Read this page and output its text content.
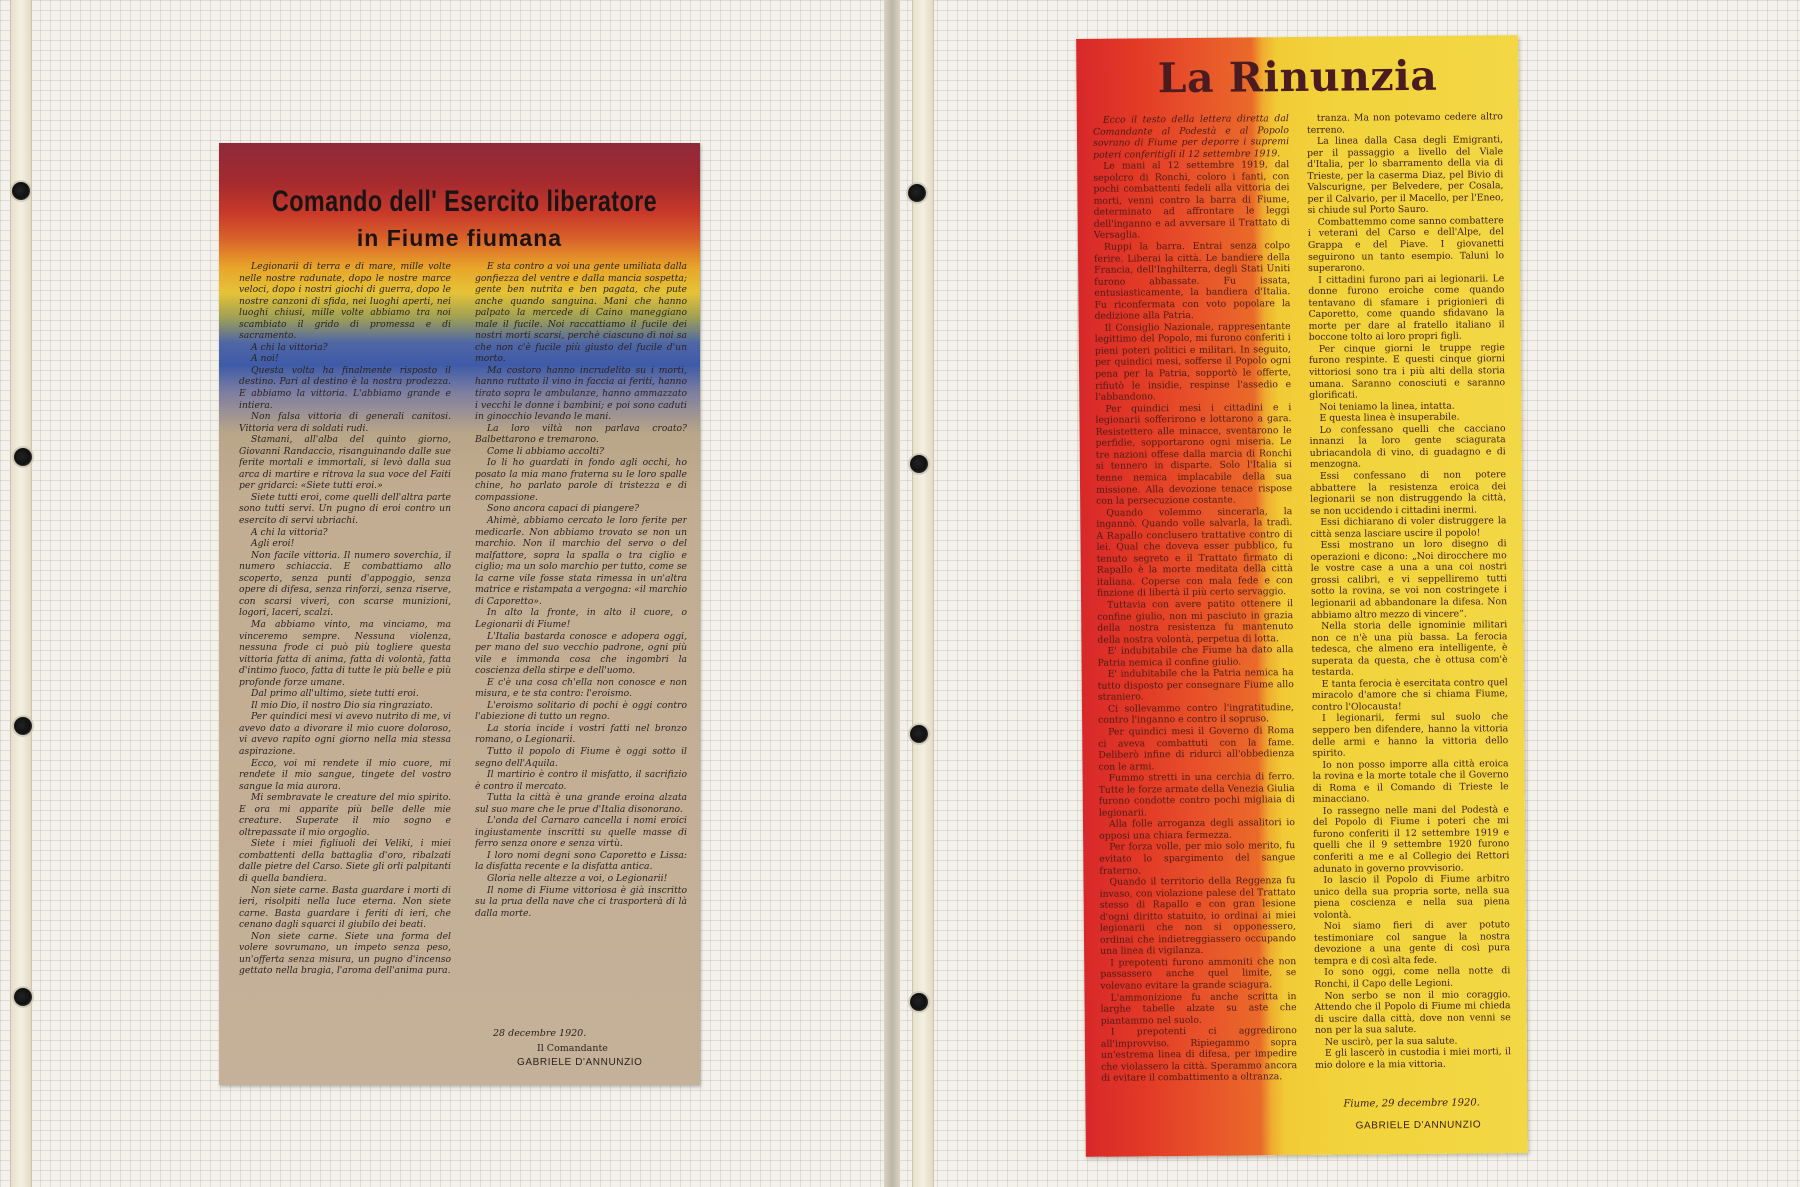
Comando dell' Esercito liberatore
in Fiume fiumana

Legionarii di terra e di mare, mille volte nelle nostre radunate, dopo le nostre marce veloci, dopo i nostri giochi di guerra, dopo le nostre canzoni di sfida, nei luoghi aperti, nei luoghi chiusi, mille volte abbiamo tra noi scambiato il grido di promessa e di sacramento.

A chi la vittoria?

A noi!

Questa volta ha finalmente risposto il destino. Pari al destino è la nostra prodezza. E abbiamo la vittoria. L'abbiamo grande e intiera.

Non falsa vittoria di generali canitosi. Vittoria vera di soldati rudi.

Stamani, all'alba del quinto giorno, Giovanni Randaccio, risanguinando dalle sue ferite mortali e immortali, si levò dalla sua arca di martire e ritrova la sua voce del Faiti per gridarci: «Siete tutti eroi.»

Siete tutti eroi, come quelli dell'altra parte sono tutti servi. Un pugno di eroi contro un esercito di servi ubriachi.

A chi la vittoria?

Agli eroi!

Non facile vittoria. Il numero soverchia, il numero schiaccia. E combattiamo allo scoperto, senza punti d'appoggio, senza opere di difesa, senza rinforzi, senza riserve, con scarsi viveri, con scarse munizioni, logori, laceri, scalzi.

Ma abbiamo vinto, ma vinciamo, ma vinceremo sempre. Nessuna violenza, nessuna frode ci può più togliere questa vittoria fatta di anima, fatta di volontà, fatta d'intimo fuoco, fatta di tutte le più belle e più profonde forze umane.

Dal primo all'ultimo, siete tutti eroi.

Il mio Dio, il nostro Dio sia ringraziato.

Per quindici mesi vi avevo nutrito di me, vi avevo dato a divorare il mio cuore doloroso, vi avevo rapito ogni giorno nella mia stessa aspirazione.

Ecco, voi mi rendete il mio cuore, mi rendete il mio sangue, tingete del vostro sangue la mia aurora.

Mi sembravate le creature del mio spirito. E ora mi apparite più belle delle mie creature. Superate il mio sogno e oltrepassate il mio orgoglio.

Siete i miei figliuoli dei Veliki, i miei combattenti della battaglia d'oro, ribalzati dalle pietre del Carso. Siete gli orli palpitanti di quella bandiera.

Non siete carne. Basta guardare i morti di ieri, risolpiti nella luce eterna. Non siete carne. Basta guardare i feriti di ieri, che cenano dagli squarci il giubilo dei beati.

Non siete carne. Siete una forma del volere sovrumano, un impeto senza peso, un'offerta senza misura, un pugno d'incenso gettato nella bragia, l'aroma dell'anima pura.

E sta contro a voi una gente umiliata dalla gonfiezza del ventre e dalla mancia sospetta; gente ben nutrita e ben pagata, che pute anche quando sanguina. Mani che hanno palpato la mercede di Caino maneggiano male il fucile. Noi raccattiamo il fucile dei nostri morti scarsi, perchè ciascuno di noi sa che non c'è fucile più giusto del fucile d'un morto.

Ma costoro hanno incrudelito su i morti, hanno ruttato il vino in faccia ai feriti, hanno tirato sopra le ambulanze, hanno ammazzato i vecchi le donne i bambini; e poi sono caduti in ginocchio levando le mani.

La loro viltà non parlava croato? Balbettarono e tremarono.

Come li abbiamo accolti?

Io li ho guardati in fondo agli occhi, ho posato la mia mano fraterna su le loro spalle chine, ho parlato parole di tristezza e di compassione.

Sono ancora capaci di piangere?

Ahimè, abbiamo cercato le loro ferite per medicarle. Non abbiamo trovato se non un marchio. Non il marchio del servo o del malfattore, sopra la spalla o tra ciglio e ciglio; ma un solo marchio per tutto, come se la carne vile fosse stata rimessa in un'altra matrice e ristampata a vergogna: «il marchio di Caporetto».

In alto la fronte, in alto il cuore, o Legionarii di Fiume!

L'Italia bastarda conosce e adopera oggi, per mano del suo vecchio padrone, ogni più vile e immonda cosa che ingombri la coscienza della stirpe e dell'uomo.

E c'è una cosa ch'ella non conosce e non misura, e te sta contro: l'eroismo.

L'eroismo solitario di pochi è oggi contro l'abiezione di tutto un regno.

La storia incide i vostri fatti nel bronzo romano, o Legionarii.

Tutto il popolo di Fiume è oggi sotto il segno dell'Aquila.

Il martirio è contro il misfatto, il sacrifizio è contro il mercato.

Tutta la città è una grande eroina alzata sul suo mare che le prue d'Italia disonorano.

L'onda del Carnaro cancella i nomi eroici ingiustamente inscritti su quelle masse di ferro senza onore e senza virtù.

I loro nomi degni sono Caporetto e Lissa: la disfatta recente e la disfatta antica.

Gloria nelle altezze a voi, o Legionarii!

Il nome di Fiume vittoriosa è già inscritto su la prua della nave che ci trasporterà di là dalla morte.

28 decembre 1920.
Il Comandante
GABRIELE D'ANNUNZIO
La Rinunzia

Ecco il testo della lettera diretta dal Comandante al Podestà e al Popolo sovrano di Fiume per deporre i supremi poteri conferitigli il 12 settembre 1919.

Le mani al 12 settembre 1919, dal sepolcro di Ronchi, coloro i fanti, con pochi combattenti fedeli alla vittoria dei morti, venni contro la barra di Fiume, determinato ad affrontare le leggi dell'inganno e ad avversare il Trattato di Versaglia.

Ruppi la barra. Entrai senza colpo ferire. Liberai la città. Le bandiere della Francia, dell'Inghilterra, degli Stati Uniti furono abbassate. Fu issata, entusiasticamente, la bandiera d'Italia. Fu riconfermata con voto popolare la dedizione alla Patria.

Il Consiglio Nazionale, rappresentante legittimo del Popolo, mi furono conferiti i pieni poteri politici e militari. In seguito, per quindici mesi, sofferse il Popolo ogni pena per la Patria, sopportò le offerte, rifiutò le insidie, respinse l'assedio e l'abbandono.

Per quindici mesi i cittadini e i legionarii sofferirono e lottarono a gara. Resistettero alle minacce, sventarono le perfidie, sopportarono ogni miseria. Le tre nazioni offese dalla marcia di Ronchi si tennero in disparte. Solo l'Italia si tenne nemica implacabile della sua missione. Alla devozione tenace rispose con la persecuzione costante.

Quando volemmo sincerarla, la ingannò. Quando volle salvarla, la tradì. A Rapallo conclusero trattative contro di lei. Qual che doveva esser pubblico, fu tenuto segreto e il Trattato firmato di Rapallo è la morte meditata della città italiana. Coperse con mala fede e con finzione di libertà il più certo servaggio.

Tuttavia con avere patito ottenere il confine giulio, non mi pasciuto in grazia della nostra resistenza fu mantenuto della nostra volontà, perpetua di lotta.

E' indubitabile che Fiume ha dato alla Patria nemica il confine giulio.

E' indubitabile che la Patria nemica ha tutto disposto per consegnare Fiume allo straniero.

Ci sollevammo contro l'ingratitudine, contro l'inganno e contro il sopruso.

Per quindici mesi il Governo di Roma ci aveva combattuti con la fame. Deliberò infine di ridurci all'obbedienza con le armi.

Fummo stretti in una cerchia di ferro. Tutte le forze armate della Venezia Giulia furono condotte contro pochi migliaia di legionarii.

Alla folle arroganza degli assalitori io opposi una chiara fermezza.

Per forza volle, per mio solo merito, fu evitato lo spargimento del sangue fraterno.

Quando il territorio della Reggenza fu invaso, con violazione palese del Trattato stesso di Rapallo e con gran lesione d'ogni diritto statuito, io ordinai ai miei legionarii che non si opponessero, ordinai che indietreggiassero occupando una linea di vigilanza.

I prepotenti furono ammoniti che non passassero anche quel limite, se volevano evitare la grande sciagura.

L'ammonizione fu anche scritta in larghe tabelle alzate su aste che piantammo nel suolo.

I prepotenti ci aggredirono all'improvviso. Ripiegammo sopra un'estrema linea di difesa, per impedire che violassero la città. Sperammo ancora di evitare il combattimento a oltranza.

tranza. Ma non potevamo cedere altro terreno.

La linea dalla Casa degli Emigranti, per il passaggio a livello del Viale d'Italia, per lo sbarramento della via di Trieste, per la caserma Diaz, pel Bivio di Valscurigne, per Belvedere, per Cosala, per il Calvario, per il Macello, per l'Eneo, si chiude sul Porto Sauro.

Combattemmo come sanno combattere i veterani del Carso e dell'Alpe, del Grappa e del Piave. I giovanetti seguirono un tanto esempio. Taluni lo superarono.

I cittadini furono pari ai legionarii. Le donne furono eroiche come quando tentavano di sfamare i prigionieri di Caporetto, come quando sfidavano la morte per dare al fratello italiano il boccone tolto ai loro propri figli.

Per cinque giorni le truppe regie furono respinte. E questi cinque giorni vittoriosi sono tra i più alti della storia umana. Saranno conosciuti e saranno glorificati.

Noi teniamo la linea, intatta.

E questa linea è insuperabile.

Lo confessano quelli che cacciano innanzi la loro gente sciagurata ubriacandola di vino, di guadagno e di menzogna.

Essi confessano di non potere abbattere la resistenza eroica dei legionarii se non distruggendo la città, se non uccidendo i cittadini inermi.

Essi dichiarano di voler distruggere la città senza lasciare uscire il popolo!

Essi mostrano un loro disegno di operazioni e dicono: „Noi dirocchere mo le vostre case a una a una coi nostri grossi calibri, e vi seppelliremo tutti sotto la rovina, se voi non costringete i legionarii ad abbandonare la difesa. Non abbiamo altro mezzo di vincere”.

Nella storia delle ignominie militari non ce n'è una più bassa. La ferocia tedesca, che almeno era intelligente, è superata da questa, che è ottusa com'è testarda.

E tanta ferocia è esercitata contro quel miracolo d'amore che si chiama Fiume, contro l'Olocausta!

I legionarii, fermi sul suolo che seppero ben difendere, hanno la vittoria delle armi e hanno la vittoria dello spirito.

Io non posso imporre alla città eroica la rovina e la morte totale che il Governo di Roma e il Comando di Trieste le minacciano.

Io rassegno nelle mani del Podestà e del Popolo di Fiume i poteri che mi furono conferiti il 12 settembre 1919 e quelli che il 9 settembre 1920 furono conferiti a me e al Collegio dei Rettori adunato in governo provvisorio.

Io lascio il Popolo di Fiume arbitro unico della sua propria sorte, nella sua piena coscienza e nella sua piena volontà.

Noi siamo fieri di aver potuto testimoniare col sangue la nostra devozione a una gente di così pura tempra e di così alta fede.

Io sono oggi, come nella notte di Ronchi, il Capo delle Legioni.

Non serbo se non il mio coraggio. Attendo che il Popolo di Fiume mi chieda di uscire dalla città, dove non venni se non per la sua salute.

Ne uscirò, per la sua salute.

E gli lascerò in custodia i miei morti, il mio dolore e la mia vittoria.

Fiume, 29 decembre 1920.
GABRIELE D'ANNUNZIO
